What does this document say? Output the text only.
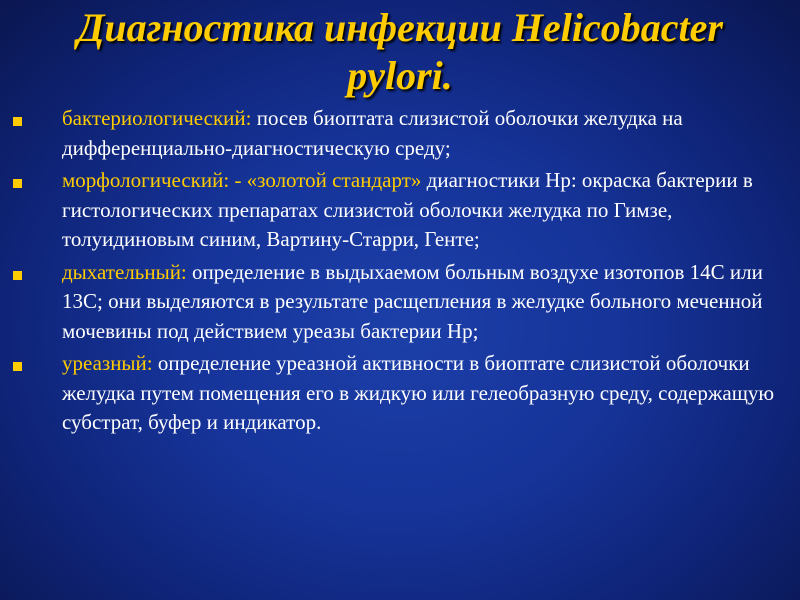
Диагностика инфекции Helicobacter pylori.
бактериологический: посев биоптата слизистой оболочки желудка на дифференциально-диагностическую среду;
морфологический: - «золотой стандарт» диагностики Hp: окраска бактерии в гистологических препаратах слизистой оболочки желудка по Гимзе, толуидиновым синим, Вартину-Старри, Генте;
дыхательный: определение в выдыхаемом больным воздухе изотопов 14С или 13С; они выделяются в результате расщепления в желудке больного меченной мочевины под действием уреазы бактерии Hp;
уреазный: определение уреазной активности в биоптате слизистой оболочки желудка путем помещения его в жидкую или гелеобразную среду, содержащую субстрат, буфер и индикатор.
